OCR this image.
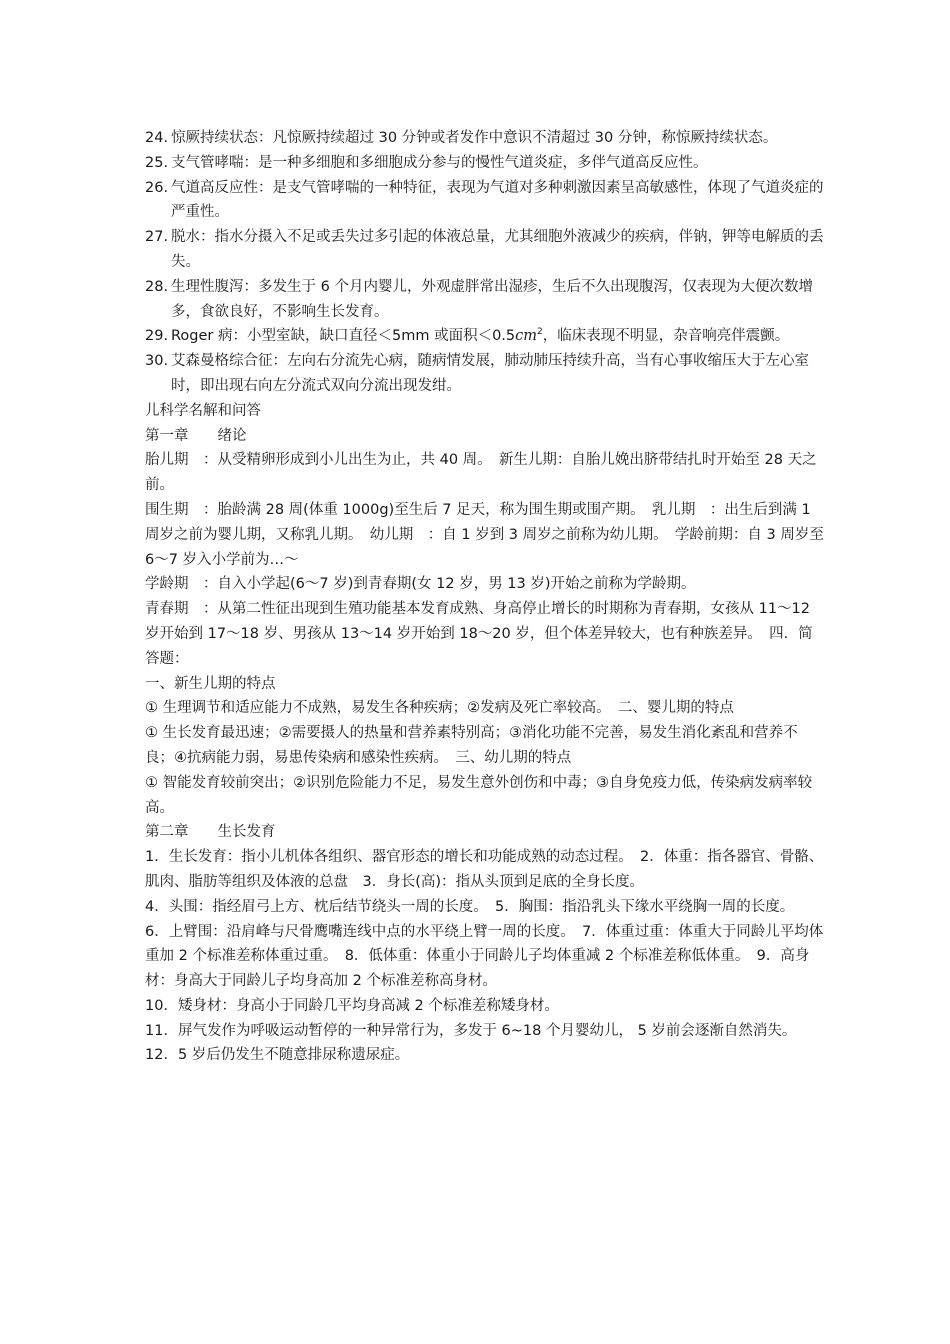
24. 惊厥持续状态：凡惊厥持续超过 30 分钟或者发作中意识不清超过 30 分钟，称惊厥持续状态。
25. 支气管哮喘：是一种多细胞和多细胞成分参与的慢性气道炎症，多伴气道高反应性。
26. 气道高反应性：是支气管哮喘的一种特征，表现为气道对多种刺激因素呈高敏感性，体现了气道炎症的严重性。
27. 脱水：指水分摄入不足或丢失过多引起的体液总量，尤其细胞外液减少的疾病，伴钠，钾等电解质的丢失。
28. 生理性腹泻：多发生于 6 个月内婴儿，外观虚胖常出湿疹，生后不久出现腹泻，仅表现为大便次数增多，食欲良好，不影响生长发育。
29. Roger 病：小型室缺，缺口直径＜5mm 或面积$<0.5cm^2$，临床表现不明显，杂音响亮伴震颤。
30. 艾森曼格综合征：左向右分流先心病，随病情发展，肺动肺压持续升高，当有心事收缩压大于左心室时，即出现右向左分流式双向分流出现发绀。

儿科学名解和问答

第一章　　绪论

胎儿期　：从受精卵形成到小儿出生为止，共 40 周。　新生儿期：自胎儿娩出脐带结扎时开始至 28 天之前。

围生期　：胎龄满 28 周(体重 1000g)至生后 7 足天，称为围生期或围产期。　乳儿期　：出生后到满 1 周岁之前为婴儿期，又称乳儿期。　幼儿期　：自 1 岁到 3 周岁之前称为幼儿期。　学龄前期：自 3 周岁至 6～7 岁入小学前为…～

学龄期　：自入小学起(6～7 岁)到青春期(女 12 岁，男 13 岁)开始之前称为学龄期。

青春期　：从第二性征出现到生殖功能基本发育成熟、身高停止增长的时期称为青春期，女孩从 11～12 岁开始到 17～18 岁、男孩从 13～14 岁开始到 18～20 岁，但个体差异较大，也有种族差异。　四．简答题：

一、新生儿期的特点

① 生理调节和适应能力不成熟，易发生各种疾病；②发病及死亡率较高。　二、婴儿期的特点

① 生长发育最迅速；②需要摄人的热量和营养素特别高；③消化功能不完善，易发生消化紊乱和营养不良；④抗病能力弱，易患传染病和感染性疾病。　三、幼儿期的特点

① 智能发育较前突出；②识别危险能力不足，易发生意外创伤和中毒；③自身免疫力低，传染病发病率较高。

第二章　　生长发育

1．生长发育：指小儿机体各组织、器官形态的增长和功能成熟的动态过程。　2．体重：指各器官、骨骼、肌肉、脂肪等组织及体液的总盘　3．身长(高)：指从头顶到足底的全身长度。

4．头围：指经眉弓上方、枕后结节绕头一周的长度。　5．胸围：指沿乳头下缘水平绕胸一周的长度。

6．上臂围：沿肩峰与尺骨鹰嘴连线中点的水平绕上臂一周的长度。　7．体重过重：体重大于同龄儿平均体重加 2 个标准差称体重过重。　8．低体重：体重小于同龄儿子均体重减 2 个标准差称低体重。　9．高身材：身高大于同龄儿子均身高加 2 个标准差称高身材。

10．矮身材：身高小于同龄几平均身高减 2 个标准差称矮身材。

11．屏气发作为呼吸运动暂停的一种异常行为，多发于 6~18 个月婴幼儿， 5 岁前会逐渐自然消失。

12．5 岁后仍发生不随意排尿称遗尿症。
